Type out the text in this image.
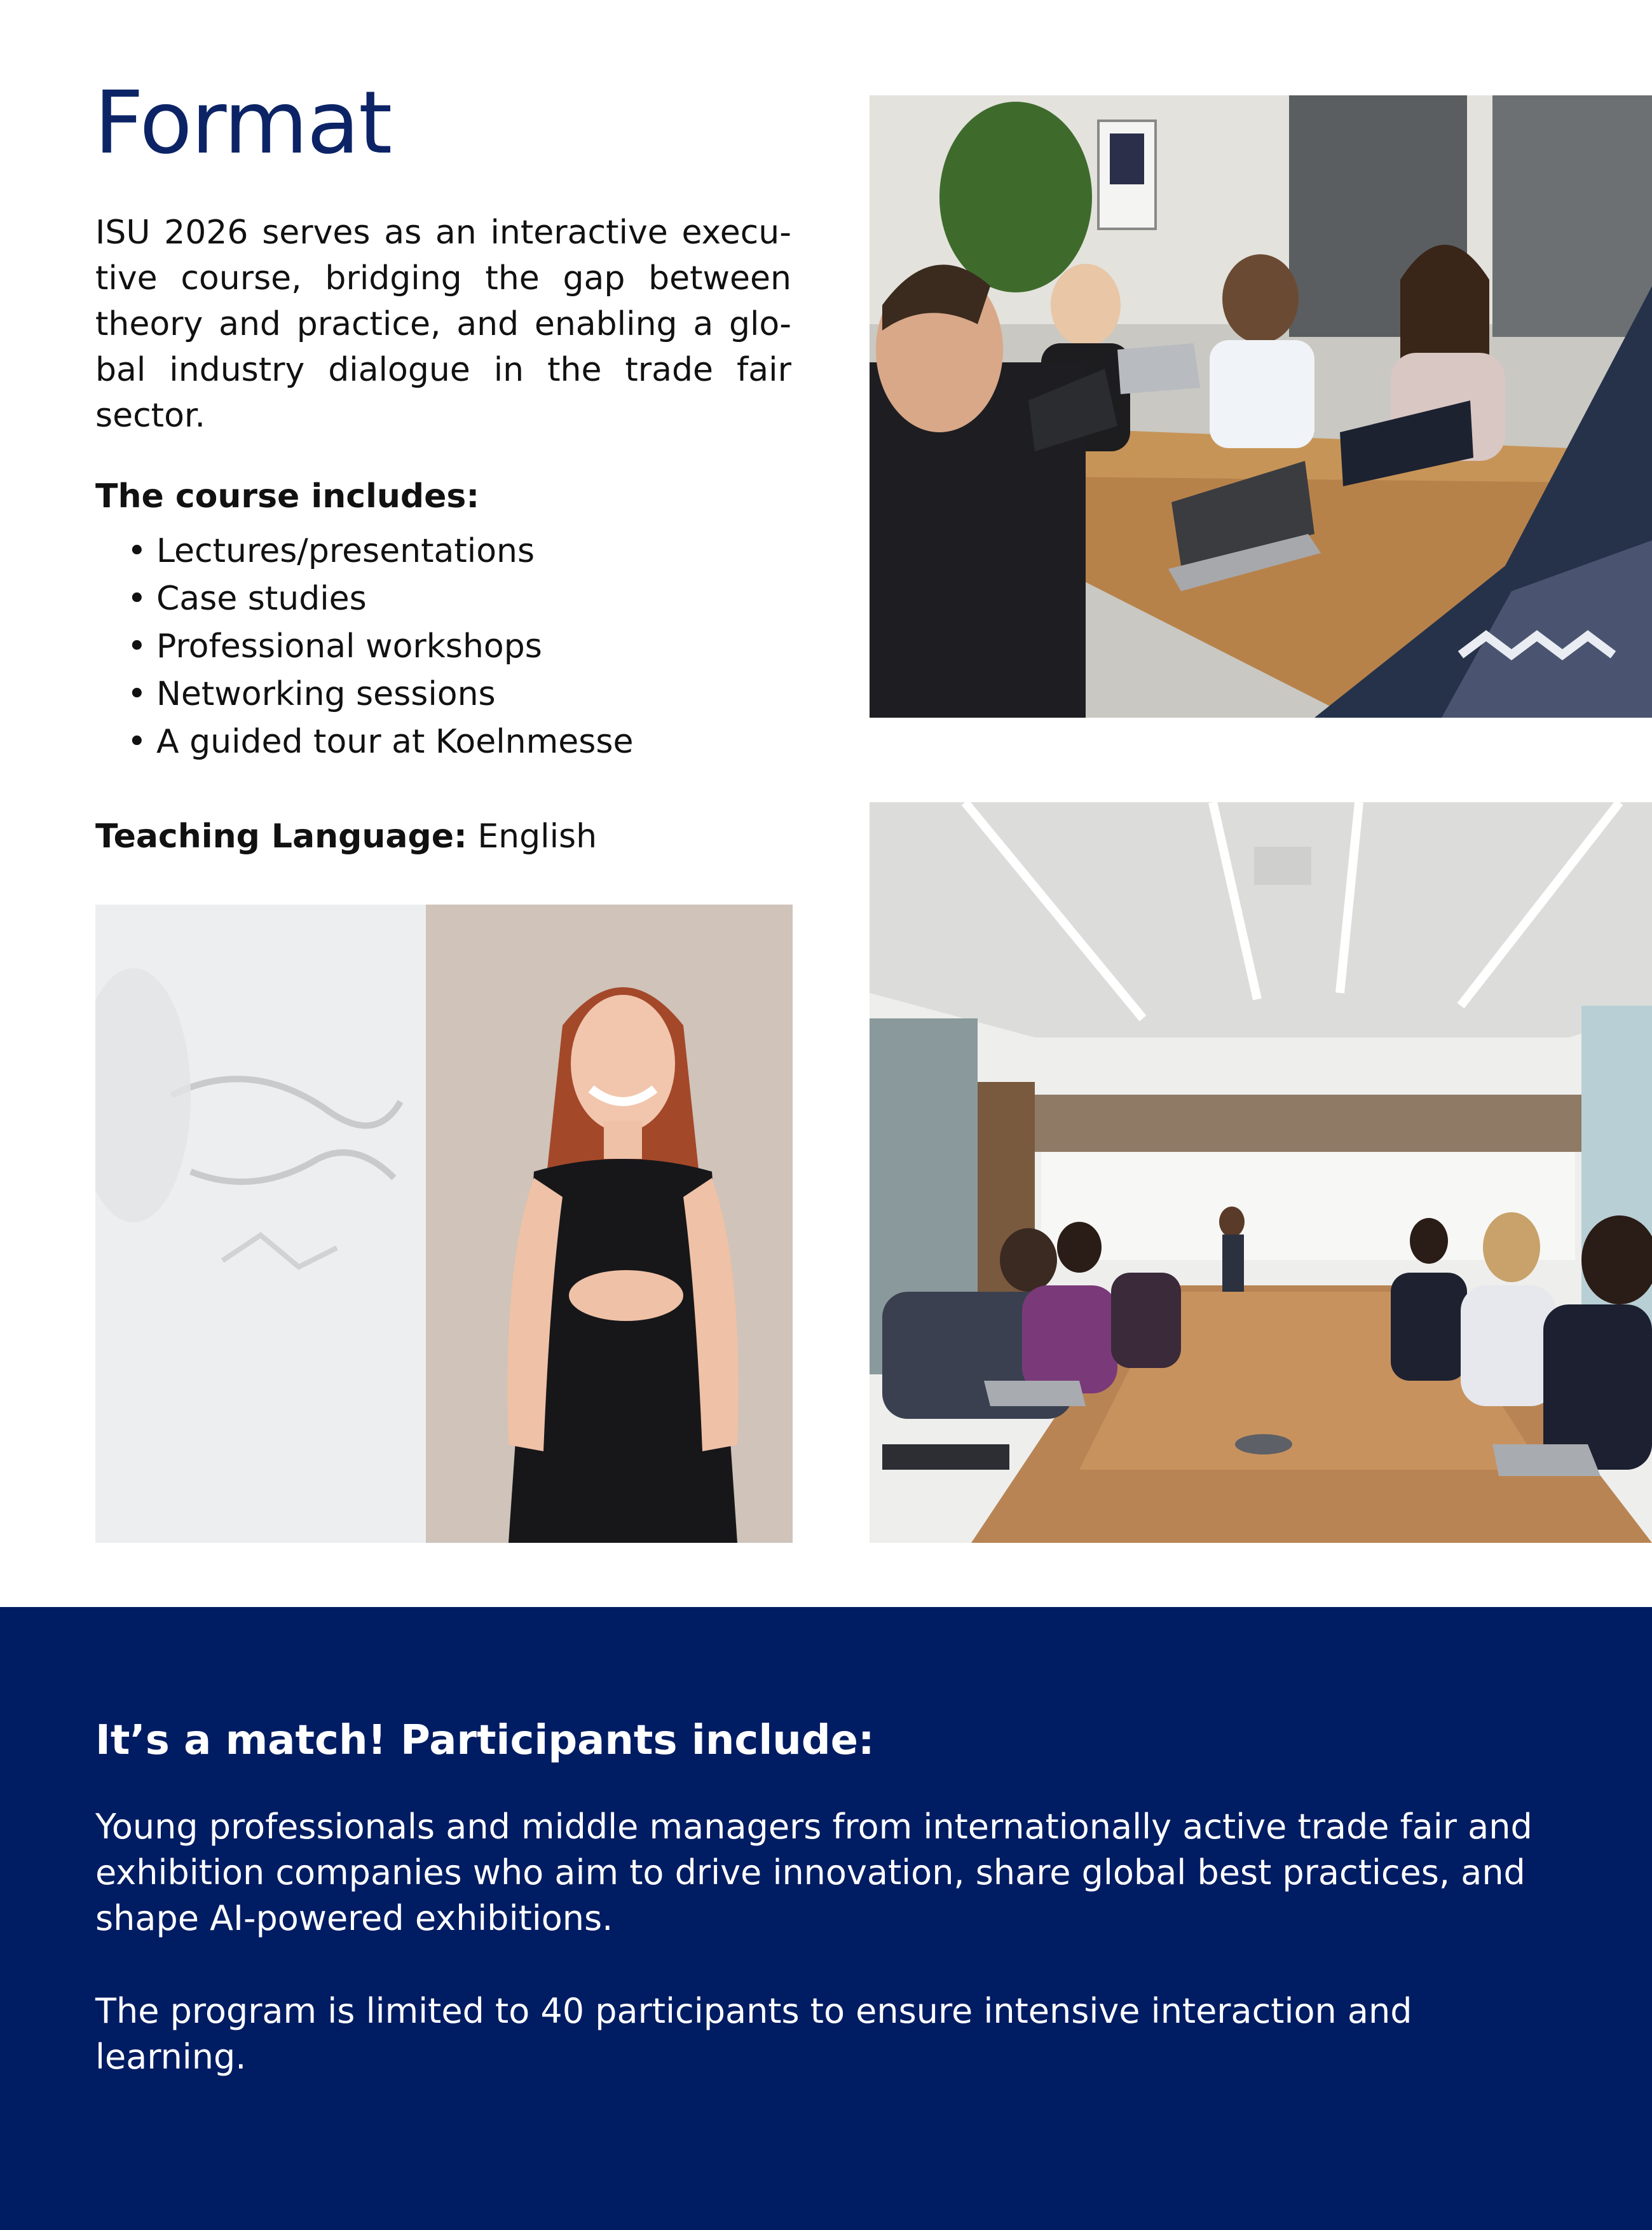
Format

ISU 2026 serves as an interactive executive course, bridging the gap between theory and practice, and enabling a global industry dialogue in the trade fair sector.

The course includes:

• Lectures/presentations
• Case studies
• Professional workshops
• Networking sessions
• A guided tour at Koelnmesse

Teaching Language: English

It’s a match! Participants include:

Young professionals and middle managers from internationally active trade fair and exhibition companies who aim to drive innovation, share global best practices, and shape AI-powered exhibitions.

The program is limited to 40 participants to ensure intensive interaction and learning.
